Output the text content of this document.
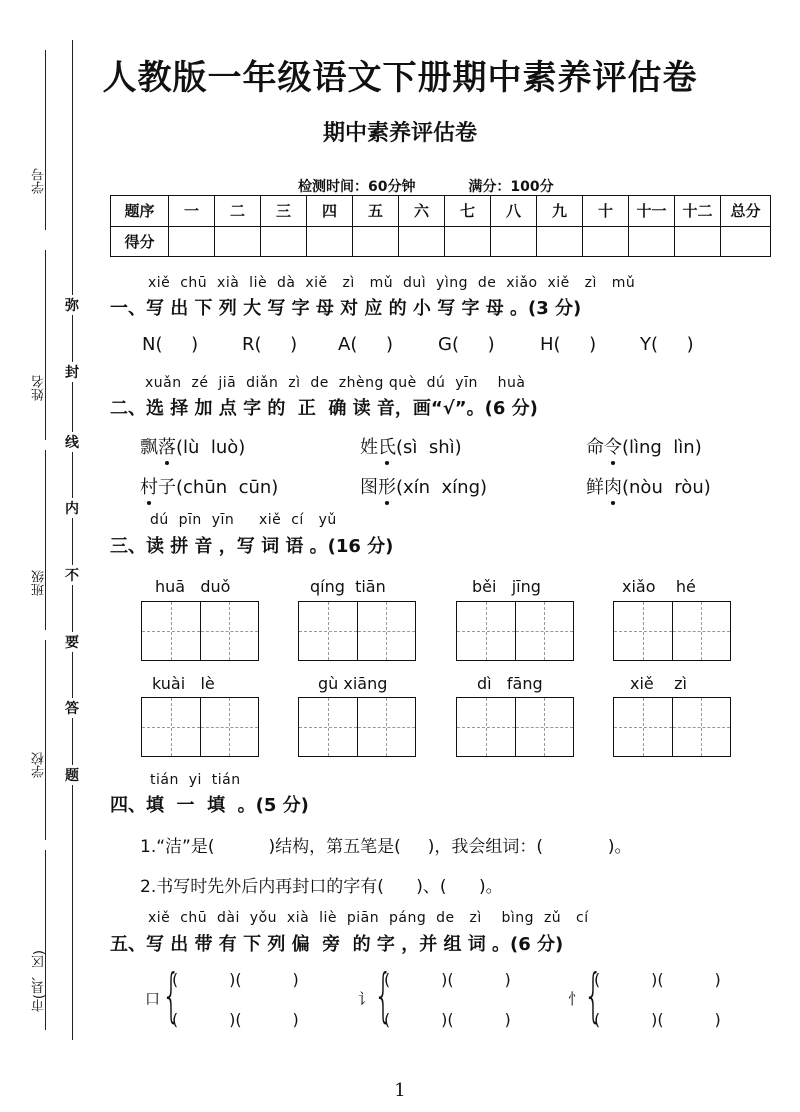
学号
姓名
班级
学校
市(县、区)
弥
封
线
内
不
要
答
题
人教版一年级语文下册期中素养评估卷
期中素养评估卷
检测时间：60分钟	满分：100分
题序	一	二	三	四	五	六	七	八	九	十	十一	十二	总分
得分													
xiě  chū  xià  liè  dà  xiě   zì   mǔ  duì  yìng  de  xiǎo  xiě   zì   mǔ
一、写 出 下 列 大 写 字 母 对 应 的 小 写 字 母 。(3 分)
N(     ) R(     ) A(     )	G(     )	H(     ) Y(     )
xuǎn  zé  jiā  diǎn  zì  de  zhèng què  dú  yīn    huà
二、选 择 加 点 字 的  正  确 读 音，画“√”。(6 分)
飘落(lù  luò)	姓氏(sì  shì)	命令(lìng  lìn)
村子(chūn  cūn)	图形(xín  xíng)	鲜肉(nòu  ròu)
dú  pīn  yīn     xiě  cí   yǔ
三、读 拼 音 ，写 词 语 。(16 分)
huā duǒ	qíng tiān	běi jīng	xiǎo hé
kuài lè	gù xiāng	dì fāng	xiě zì
tián  yi  tián
四、填  一  填  。(5 分)
1.“洁”是(          )结构，第五笔是(     )，我会组词：(            )。
2.书写时先外后内再封口的字有(      )、(      )。
xiě  chū  dài  yǒu  xià  liè  piān  páng  de   zì    bìng  zǔ   cí
五、写 出 带 有 下 列 偏  旁  的 字 ，并 组 词 。(6 分)
口 {
(          )(          )
(          )(          )
讠 {
(          )(          )
(          )(          )
忄 {
(          )(          )
(          )(          )
1
